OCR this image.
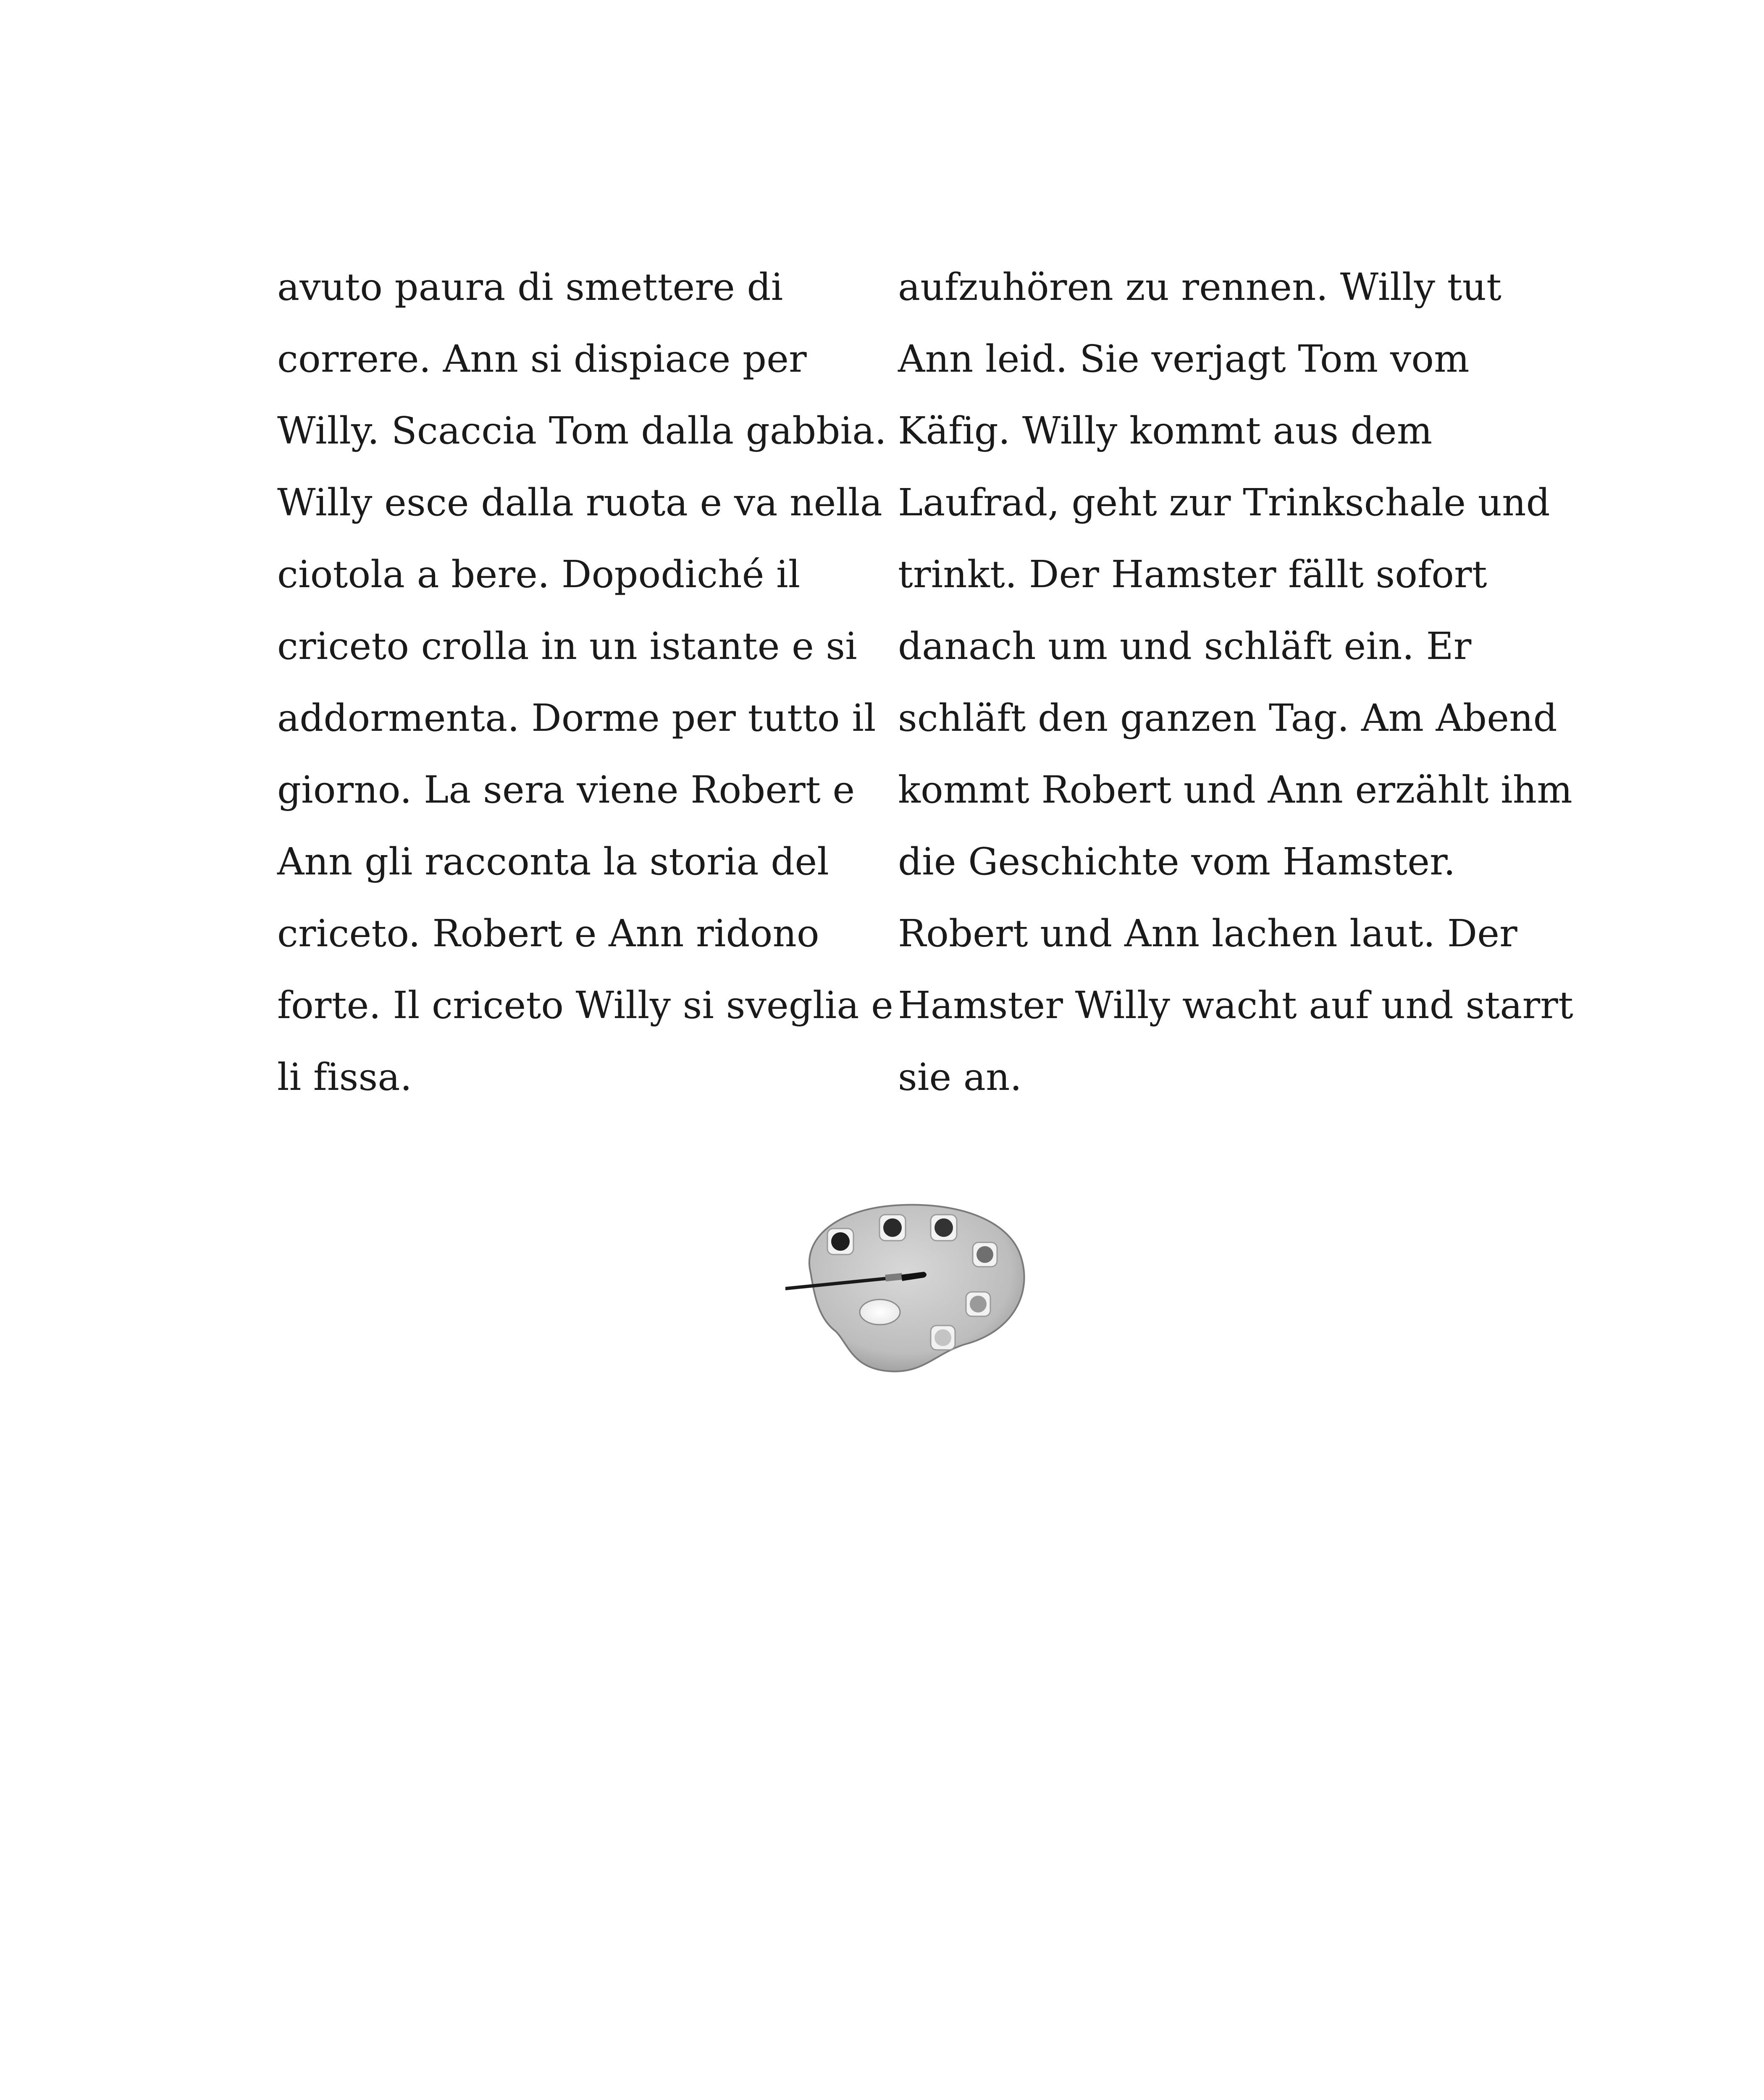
avuto paura di smettere di
correre. Ann si dispiace per
Willy. Scaccia Tom dalla gabbia.
Willy esce dalla ruota e va nella
ciotola a bere. Dopodiché il
criceto crolla in un istante e si
addormenta. Dorme per tutto il
giorno. La sera viene Robert e
Ann gli racconta la storia del
criceto. Robert e Ann ridono
forte. Il criceto Willy si sveglia e
li fissa.
aufzuhören zu rennen. Willy tut
Ann leid. Sie verjagt Tom vom
Käfig. Willy kommt aus dem
Laufrad, geht zur Trinkschale und
trinkt. Der Hamster fällt sofort
danach um und schläft ein. Er
schläft den ganzen Tag. Am Abend
kommt Robert und Ann erzählt ihm
die Geschichte vom Hamster.
Robert und Ann lachen laut. Der
Hamster Willy wacht auf und starrt
sie an.
